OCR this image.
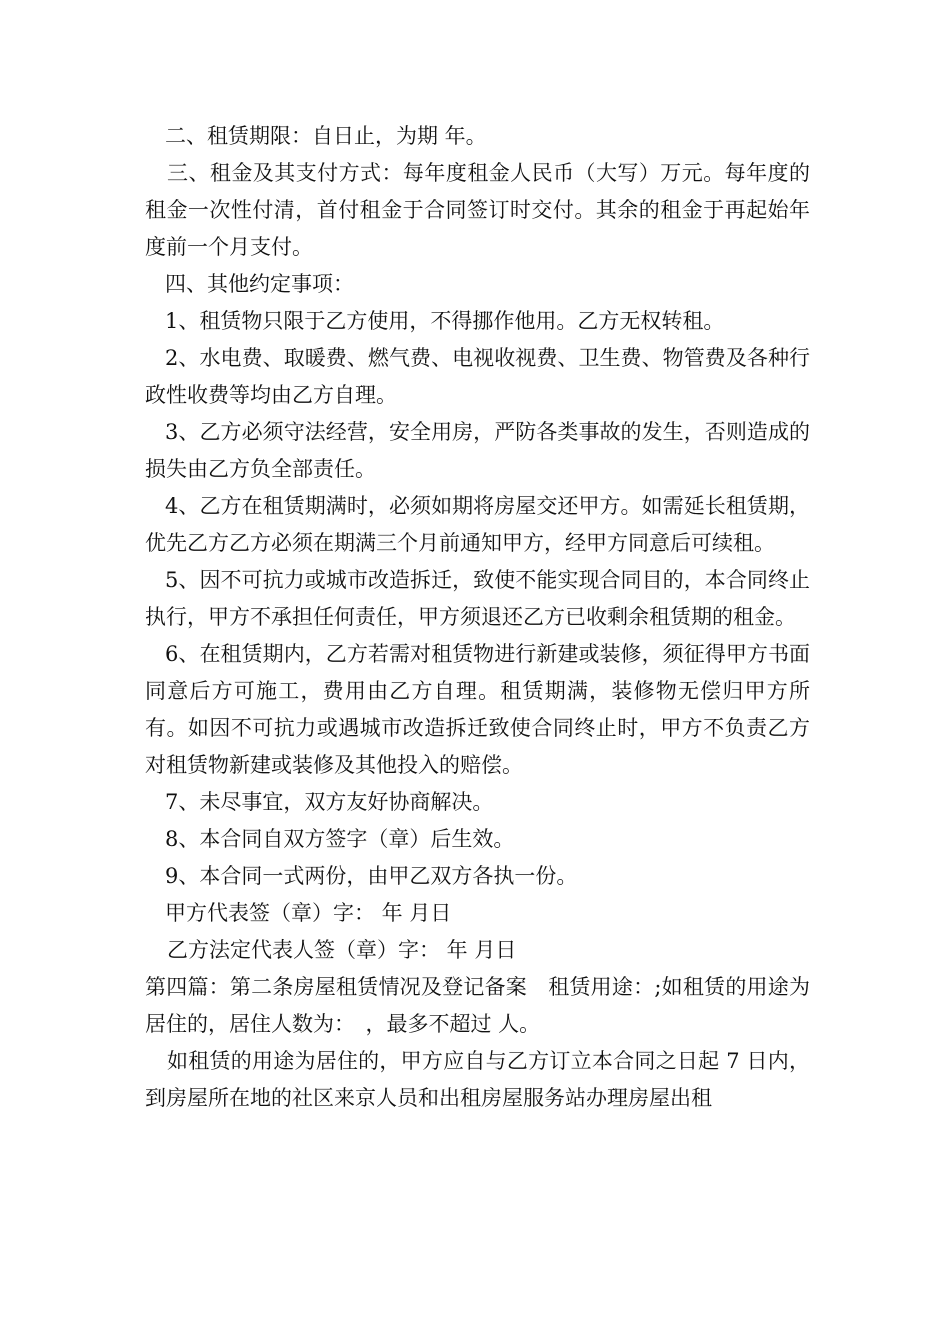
二、租赁期限：自日止，为期 年。

三、租金及其支付方式：每年度租金人民币（大写）万元。每年度的租金一次性付清，首付租金于合同签订时交付。其余的租金于再起始年度前一个月支付。

四、其他约定事项：

1、租赁物只限于乙方使用，不得挪作他用。乙方无权转租。

2、水电费、取暖费、燃气费、电视收视费、卫生费、物管费及各种行政性收费等均由乙方自理。

3、乙方必须守法经营，安全用房，严防各类事故的发生，否则造成的损失由乙方负全部责任。

4、乙方在租赁期满时，必须如期将房屋交还甲方。如需延长租赁期，优先乙方乙方必须在期满三个月前通知甲方，经甲方同意后可续租。

5、因不可抗力或城市改造拆迁，致使不能实现合同目的，本合同终止执行，甲方不承担任何责任，甲方须退还乙方已收剩余租赁期的租金。

6、在租赁期内，乙方若需对租赁物进行新建或装修，须征得甲方书面同意后方可施工，费用由乙方自理。租赁期满，装修物无偿归甲方所有。如因不可抗力或遇城市改造拆迁致使合同终止时，甲方不负责乙方对租赁物新建或装修及其他投入的赔偿。

7、未尽事宜，双方友好协商解决。

8、本合同自双方签字（章）后生效。

9、本合同一式两份，由甲乙双方各执一份。

甲方代表签（章）字： 年 月日

乙方法定代表人签（章）字： 年 月日

第四篇：第二条房屋租赁情况及登记备案　租赁用途：;如租赁的用途为居住的，居住人数为：　，最多不超过 人。

如租赁的用途为居住的，甲方应自与乙方订立本合同之日起 7 日内，到房屋所在地的社区来京人员和出租房屋服务站办理房屋出租
